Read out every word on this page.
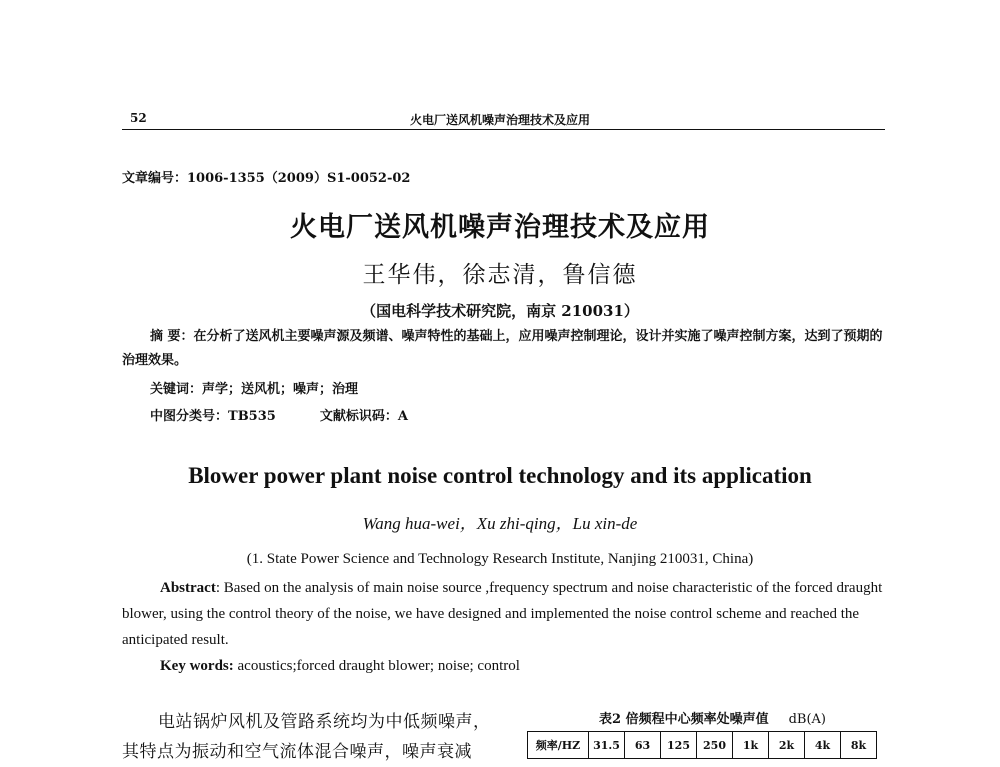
52	火电厂送风机噪声治理技术及应用
文章编号：1006-1355（2009）S1-0052-02
火电厂送风机噪声治理技术及应用
王华伟，徐志清，鲁信德
（国电科学技术研究院，南京 210031）
摘 要：在分析了送风机主要噪声源及频谱、噪声特性的基础上，应用噪声控制理论，设计并实施了噪声控制方案，达到了预期的治理效果。
关键词：声学；送风机；噪声；治理
中图分类号：TB535	文献标识码：A
Blower power plant noise control technology and its application
Wang hua-wei，Xu zhi-qing，Lu xin-de
(1. State Power Science and Technology Research Institute, Nanjing 210031, China)
Abstract: Based on the analysis of main noise source ,frequency spectrum and noise characteristic of the forced draught blower, using the control theory of the noise, we have designed and implemented the noise control scheme and reached the anticipated result.
Key words: acoustics;forced draught blower; noise; control
电站锅炉风机及管路系统均为中低频噪声，其特点为振动和空气流体混合噪声，噪声衰减
表2 倍频程中心频率处噪声值 dB(A)
频率/HZ	31.5	63	125	250	1k	2k	4k	8k
